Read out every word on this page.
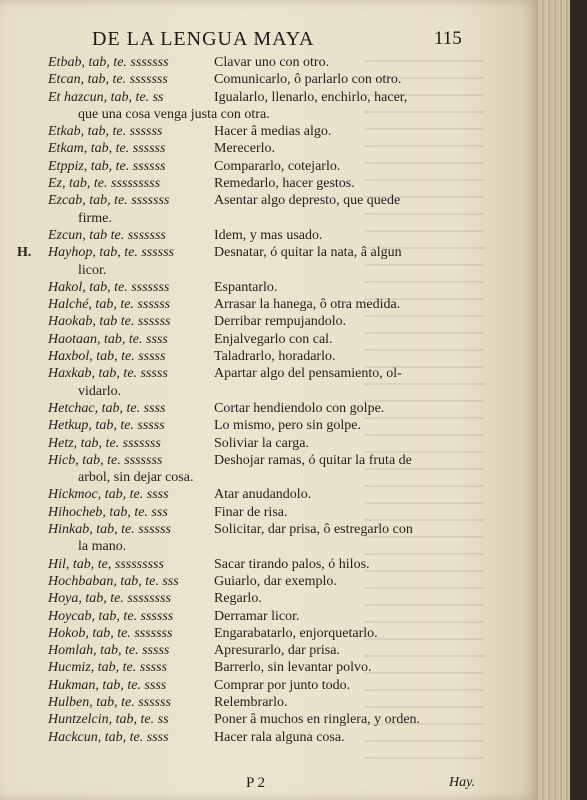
DE LA LENGUA MAYA	115
Etbab, tab, te. sssssss	Clavar uno con otro.
Etcan, tab, te. sssssss	Comunicarlo, ô parlarlo con otro.
Et hazcun, tab, te. ss	Igualarlo, llenarlo, enchirlo, hacer,
que una cosa venga justa con otra.
Etkab, tab, te. ssssss	Hacer â medias algo.
Etkam, tab, te. ssssss	Merecerlo.
Etppiz, tab, te. ssssss	Compararlo, cotejarlo.
Ez, tab, te. sssssssss	Remedarlo, hacer gestos.
Ezcab, tab, te. sssssss	Asentar algo depresto, que quede
firme.
Ezcun, tab te. sssssss	Idem, y mas usado.
H. Hayhop, tab, te. ssssss	Desnatar, ó quitar la nata, â algun
licor.
Hakol, tab, te. sssssss	Espantarlo.
Halché, tab, te. ssssss	Arrasar la hanega, ô otra medida.
Haokab, tab te. ssssss	Derribar rempujandolo.
Haotaan, tab, te. ssss	Enjalvegarlo con cal.
Haxbol, tab, te. sssss	Taladrarlo, horadarlo.
Haxkab, tab, te. sssss	Apartar algo del pensamiento, ol-
vidarlo.
Hetchac, tab, te. ssss	Cortar hendiendolo con golpe.
Hetkup, tab, te. sssss	Lo mismo, pero sin golpe.
Hetz, tab, te. sssssss	Soliviar la carga.
Hicb, tab, te. sssssss	Deshojar ramas, ó quitar la fruta de
arbol, sin dejar cosa.
Hickmoc, tab, te. ssss	Atar anudandolo.
Hihocheb, tab, te. sss	Finar de risa.
Hinkab, tab, te. ssssss	Solicitar, dar prisa, ô estregarlo con
la mano.
Hil, tab, te, sssssssss	Sacar tirando palos, ó hilos.
Hochbaban, tab, te. sss	Guiarlo, dar exemplo.
Hoya, tab, te. ssssssss	Regarlo.
Hoycab, tab, te. ssssss	Derramar licor.
Hokob, tab, te. sssssss	Engarabatarlo, enjorquetarlo.
Homlah, tab, te. sssss	Apresurarlo, dar prisa.
Hucmiz, tab, te. sssss	Barrerlo, sin levantar polvo.
Hukman, tab, te. ssss	Comprar por junto todo.
Hulben, tab, te. ssssss	Relembrarlo.
Huntzelcin, tab, te. ss	Poner â muchos en ringlera, y orden.
Hackcun, tab, te. ssss	Hacer rala alguna cosa.
P 2	Hay.
